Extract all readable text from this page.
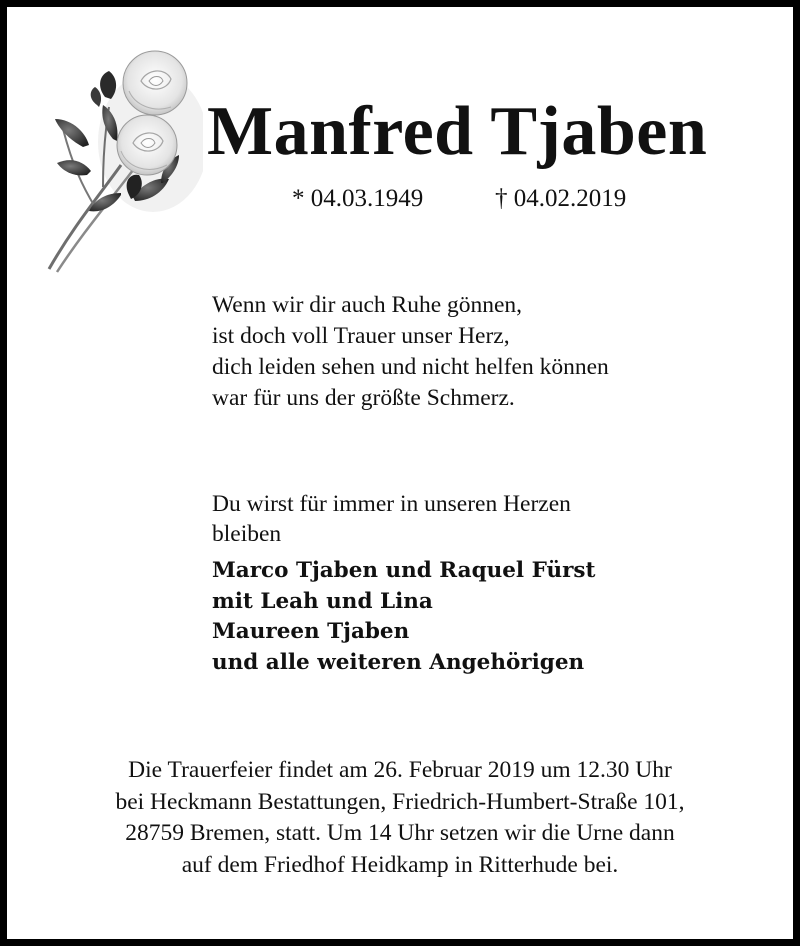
Manfred Tjaben
* 04.03.1949	† 04.02.2019
Wenn wir dir auch Ruhe gönnen,
ist doch voll Trauer unser Herz,
dich leiden sehen und nicht helfen können
war für uns der größte Schmerz.
Du wirst für immer in unseren Herzen
bleiben
Marco Tjaben und Raquel Fürst
mit Leah und Lina
Maureen Tjaben
und alle weiteren Angehörigen
Die Trauerfeier findet am 26. Februar 2019 um 12.30 Uhr
bei Heckmann Bestattungen, Friedrich-Humbert-Straße 101,
28759 Bremen, statt. Um 14 Uhr setzen wir die Urne dann
auf dem Friedhof Heidkamp in Ritterhude bei.
